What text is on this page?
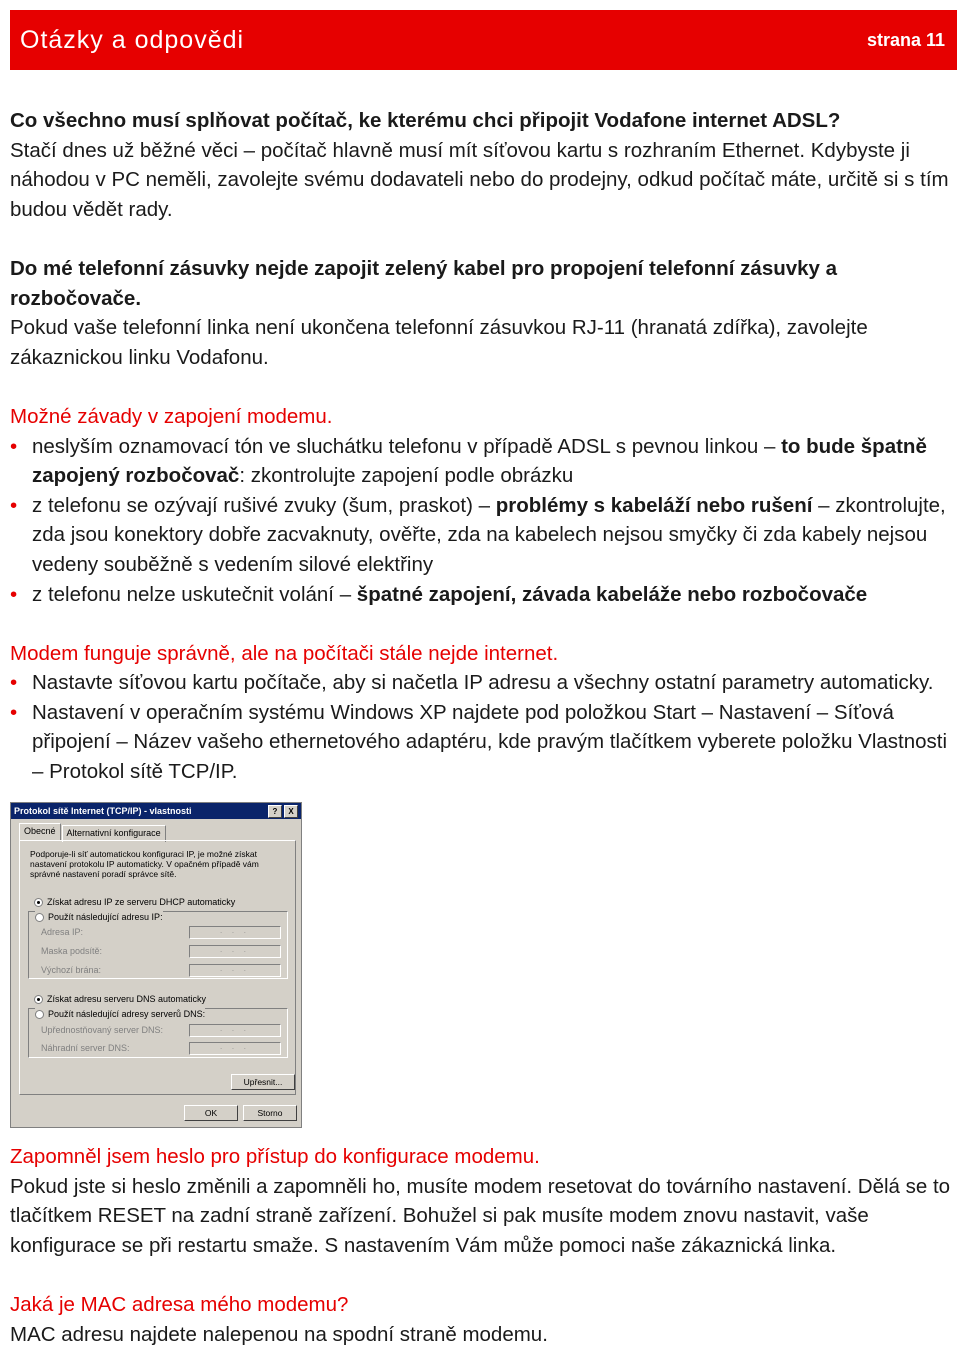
Otázky a odpovědi	strana 11

Co všechno musí splňovat počítač, ke kterému chci připojit Vodafone internet ADSL?

Stačí dnes už běžné věci – počítač hlavně musí mít síťovou kartu s rozhraním Ethernet. Kdybyste ji náhodou v PC neměli, zavolejte svému dodavateli nebo do prodejny, odkud počítač máte, určitě si s tím budou vědět rady.

Do mé telefonní zásuvky nejde zapojit zelený kabel pro propojení telefonní zásuvky a rozbočovače.

Pokud vaše telefonní linka není ukončena telefonní zásuvkou RJ-11 (hranatá zdířka), zavolejte zákaznickou linku Vodafonu.

Možné závady v zapojení modemu.

• neslyším oznamovací tón ve sluchátku telefonu v případě ADSL s pevnou linkou – to bude špatně zapojený rozbočovač: zkontrolujte zapojení podle obrázku
• z telefonu se ozývají rušivé zvuky (šum, praskot) – problémy s kabeláží nebo rušení – zkontrolujte, zda jsou konektory dobře zacvaknuty, ověřte, zda na kabelech nejsou smyčky či zda kabely nejsou vedeny souběžně s vedením silové elektřiny
• z telefonu nelze uskutečnit volání – špatné zapojení, závada kabeláže nebo rozbočovače

Modem funguje správně, ale na počítači stále nejde internet.

• Nastavte síťovou kartu počítače, aby si načetla IP adresu a všechny ostatní parametry automaticky.
• Nastavení v operačním systému Windows XP najdete pod položkou Start – Nastavení – Síťová připojení – Název vašeho ethernetového adaptéru, kde pravým tlačítkem vyberete položku Vlastnosti – Protokol sítě TCP/IP.
Protokol sítě Internet (TCP/IP) - vlastnosti	? X
Obecné	Alternativní konfigurace
Podporuje-li síť automatickou konfiguraci IP, je možné získat nastavení protokolu IP automaticky. V opačném případě vám správné nastavení poradí správce sítě.
Získat adresu IP ze serveru DHCP automaticky
Použít následující adresu IP:
Adresa IP:	. . .
Maska podsítě:	. . .
Výchozí brána:	. . .
Získat adresu serveru DNS automaticky
Použít následující adresy serverů DNS:
Upřednostňovaný server DNS:	. . .
Náhradní server DNS:	. . .
Upřesnit...
OK	Storno

Zapomněl jsem heslo pro přístup do konfigurace modemu.

Pokud jste si heslo změnili a zapomněli ho, musíte modem resetovat do továrního nastavení. Dělá se to tlačítkem RESET na zadní straně zařízení. Bohužel si pak musíte modem znovu nastavit, vaše konfigurace se při restartu smaže. S nastavením Vám může pomoci naše zákaznická linka.

Jaká je MAC adresa mého modemu?

MAC adresu najdete nalepenou na spodní straně modemu.
